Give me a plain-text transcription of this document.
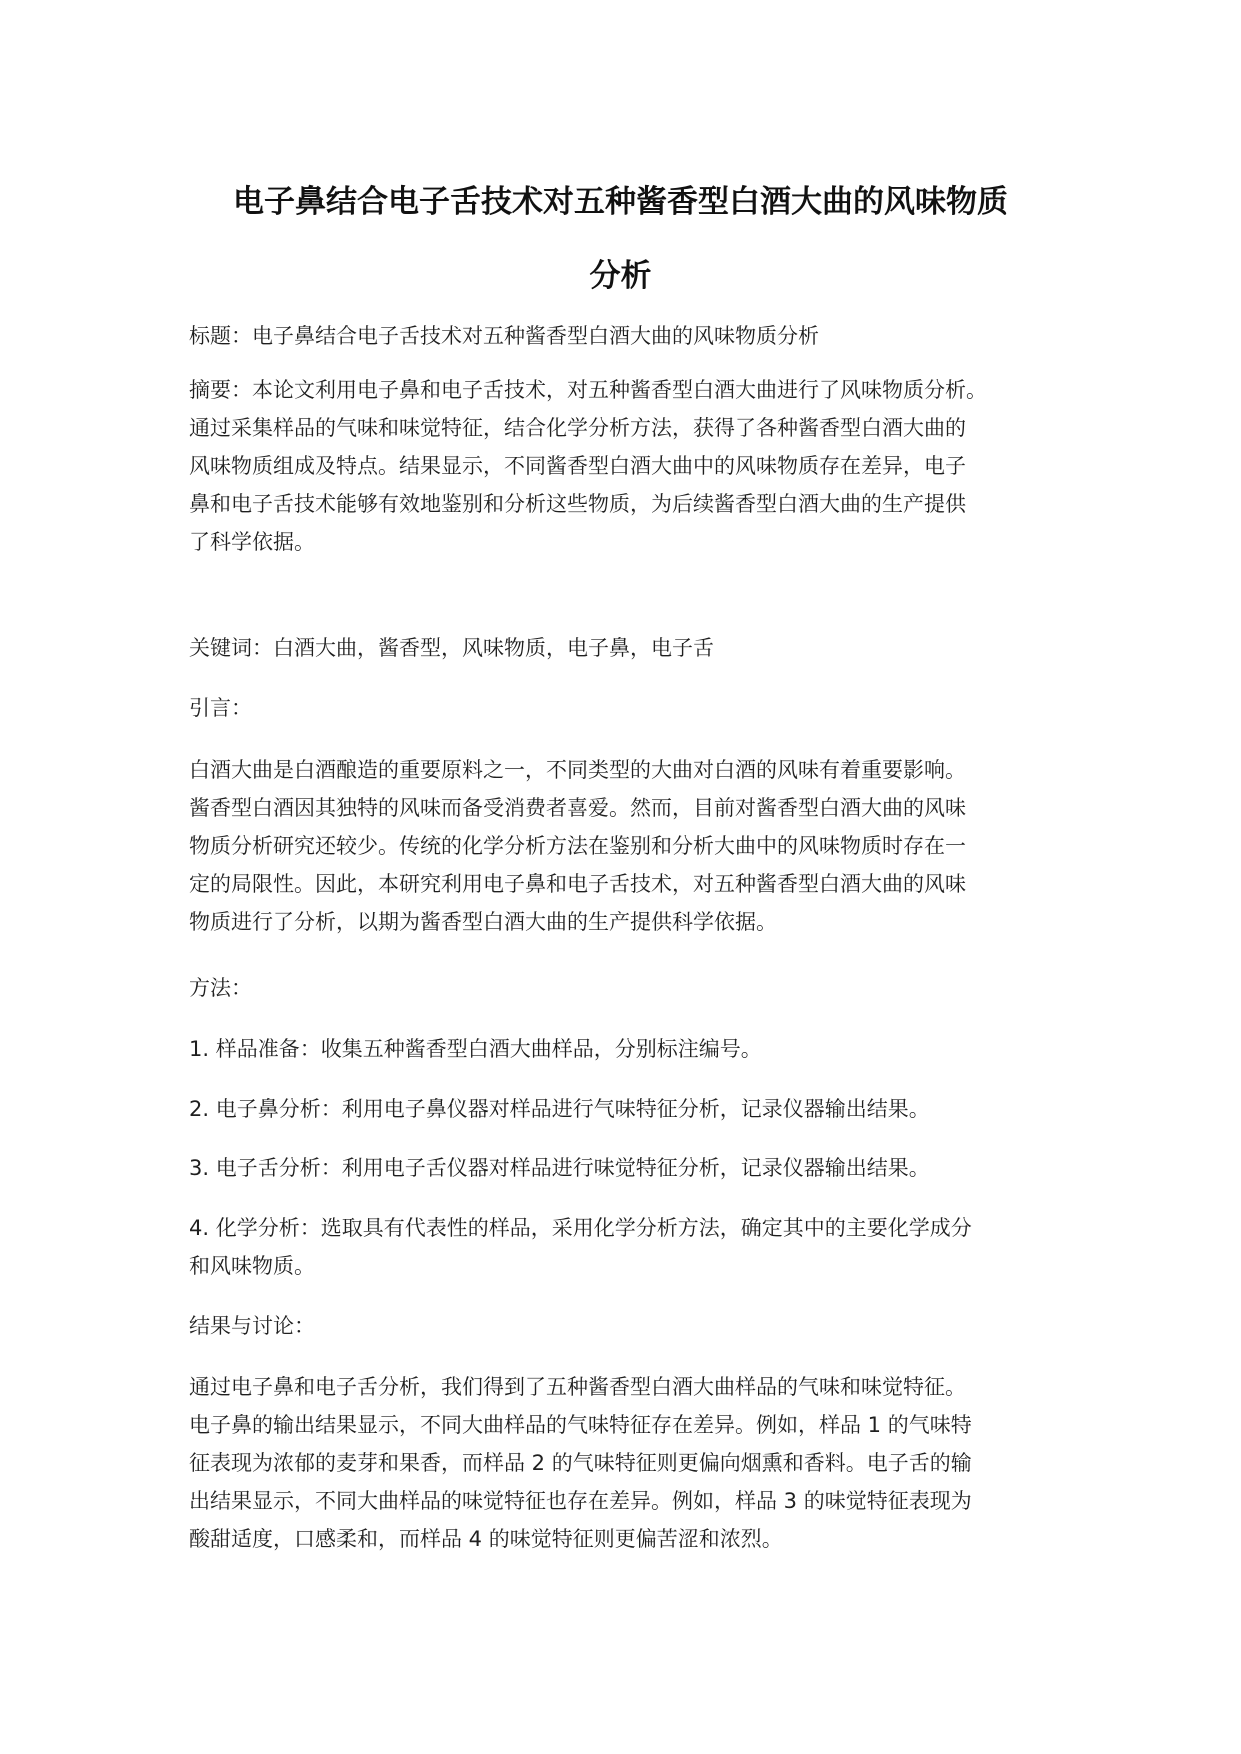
电子鼻结合电子舌技术对五种酱香型白酒大曲的风味物质
分析

标题：电子鼻结合电子舌技术对五种酱香型白酒大曲的风味物质分析

摘要：本论文利用电子鼻和电子舌技术，对五种酱香型白酒大曲进行了风味物质分析。
通过采集样品的气味和味觉特征，结合化学分析方法，获得了各种酱香型白酒大曲的
风味物质组成及特点。结果显示，不同酱香型白酒大曲中的风味物质存在差异，电子
鼻和电子舌技术能够有效地鉴别和分析这些物质，为后续酱香型白酒大曲的生产提供
了科学依据。

关键词：白酒大曲，酱香型，风味物质，电子鼻，电子舌

引言：

白酒大曲是白酒酿造的重要原料之一，不同类型的大曲对白酒的风味有着重要影响。
酱香型白酒因其独特的风味而备受消费者喜爱。然而，目前对酱香型白酒大曲的风味
物质分析研究还较少。传统的化学分析方法在鉴别和分析大曲中的风味物质时存在一
定的局限性。因此，本研究利用电子鼻和电子舌技术，对五种酱香型白酒大曲的风味
物质进行了分析，以期为酱香型白酒大曲的生产提供科学依据。

方法：

1. 样品准备：收集五种酱香型白酒大曲样品，分别标注编号。

2. 电子鼻分析：利用电子鼻仪器对样品进行气味特征分析，记录仪器输出结果。

3. 电子舌分析：利用电子舌仪器对样品进行味觉特征分析，记录仪器输出结果。

4. 化学分析：选取具有代表性的样品，采用化学分析方法，确定其中的主要化学成分
和风味物质。

结果与讨论：

通过电子鼻和电子舌分析，我们得到了五种酱香型白酒大曲样品的气味和味觉特征。
电子鼻的输出结果显示，不同大曲样品的气味特征存在差异。例如，样品 1 的气味特
征表现为浓郁的麦芽和果香，而样品 2 的气味特征则更偏向烟熏和香料。电子舌的输
出结果显示，不同大曲样品的味觉特征也存在差异。例如，样品 3 的味觉特征表现为
酸甜适度，口感柔和，而样品 4 的味觉特征则更偏苦涩和浓烈。
